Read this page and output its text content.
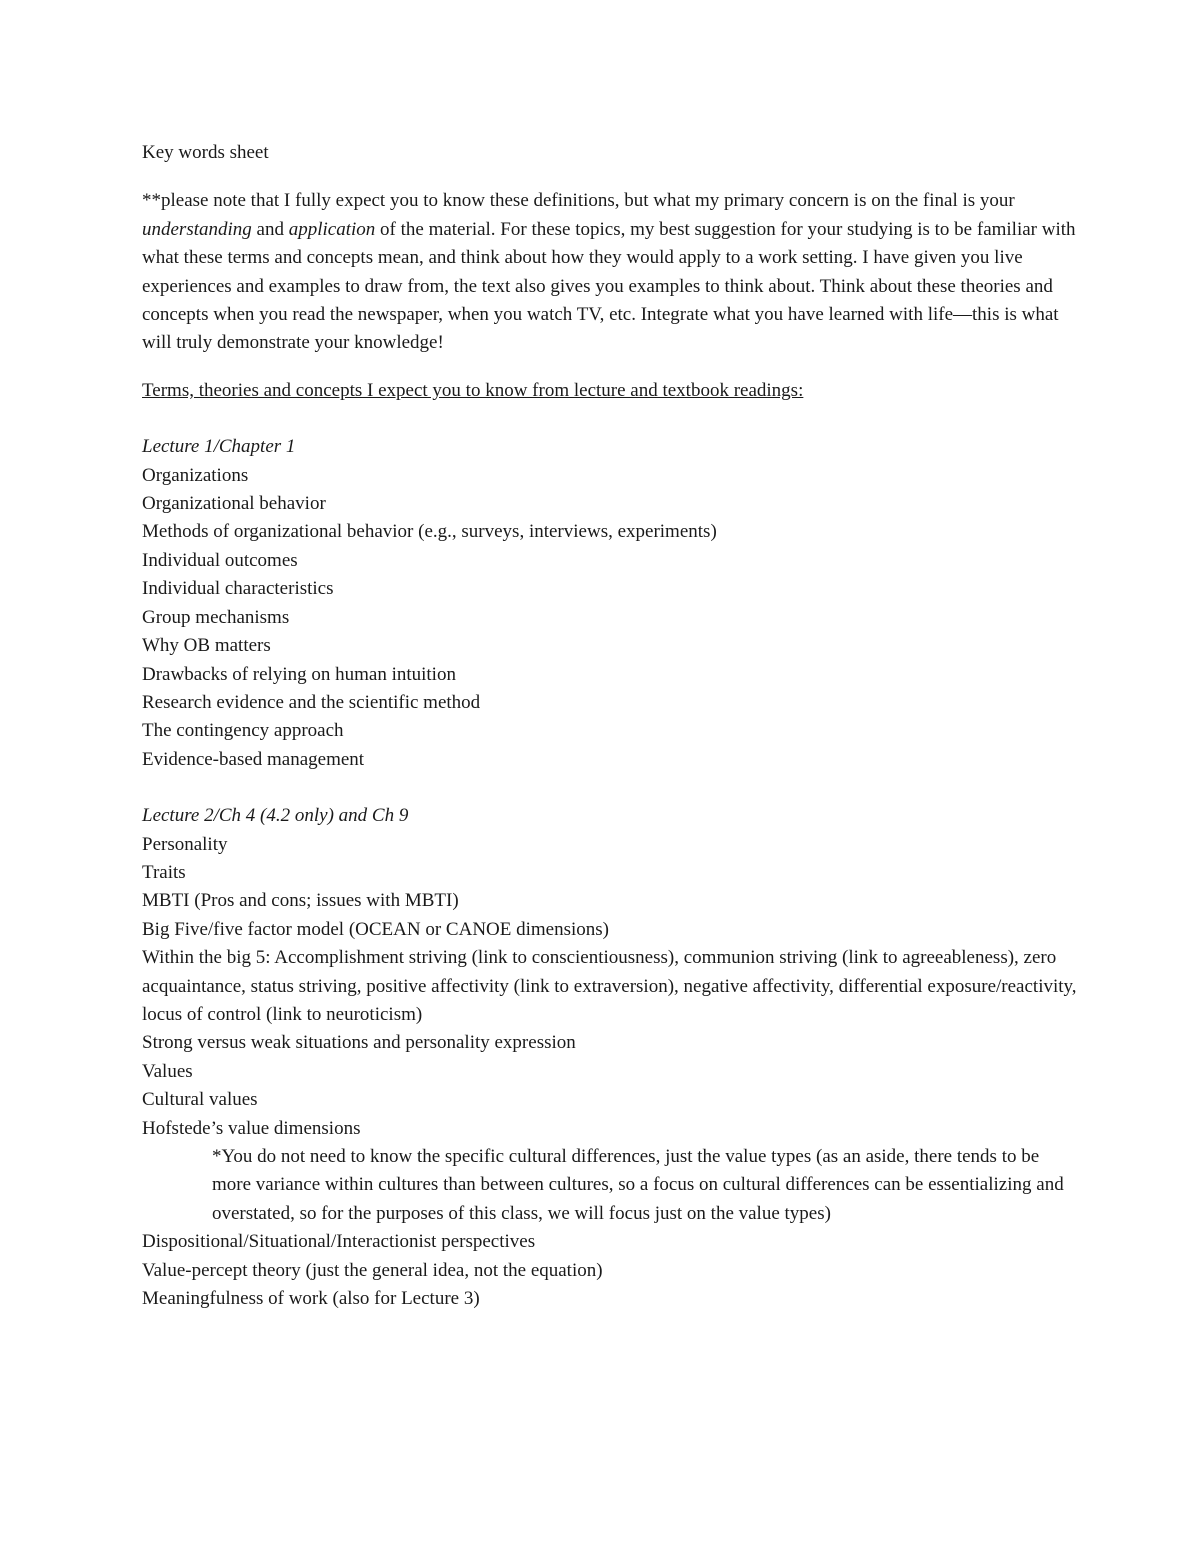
Key words sheet

**please note that I fully expect you to know these definitions, but what my primary concern is on the final is your understanding and application of the material. For these topics, my best suggestion for your studying is to be familiar with what these terms and concepts mean, and think about how they would apply to a work setting. I have given you live experiences and examples to draw from, the text also gives you examples to think about. Think about these theories and concepts when you read the newspaper, when you watch TV, etc. Integrate what you have learned with life—this is what will truly demonstrate your knowledge!

Terms, theories and concepts I expect you to know from lecture and textbook readings:

Lecture 1/Chapter 1

Organizations

Organizational behavior

Methods of organizational behavior (e.g., surveys, interviews, experiments)

Individual outcomes

Individual characteristics

Group mechanisms

Why OB matters

Drawbacks of relying on human intuition

Research evidence and the scientific method

The contingency approach

Evidence-based management

Lecture 2/Ch 4 (4.2 only) and Ch 9

Personality

Traits

MBTI (Pros and cons; issues with MBTI)

Big Five/five factor model (OCEAN or CANOE dimensions)

Within the big 5: Accomplishment striving (link to conscientiousness), communion striving (link to agreeableness), zero acquaintance, status striving, positive affectivity (link to extraversion), negative affectivity, differential exposure/reactivity, locus of control (link to neuroticism)

Strong versus weak situations and personality expression

Values

Cultural values

Hofstede’s value dimensions

*You do not need to know the specific cultural differences, just the value types (as an aside, there tends to be more variance within cultures than between cultures, so a focus on cultural differences can be essentializing and overstated, so for the purposes of this class, we will focus just on the value types)

Dispositional/Situational/Interactionist perspectives

Value-percept theory (just the general idea, not the equation)

Meaningfulness of work (also for Lecture 3)
